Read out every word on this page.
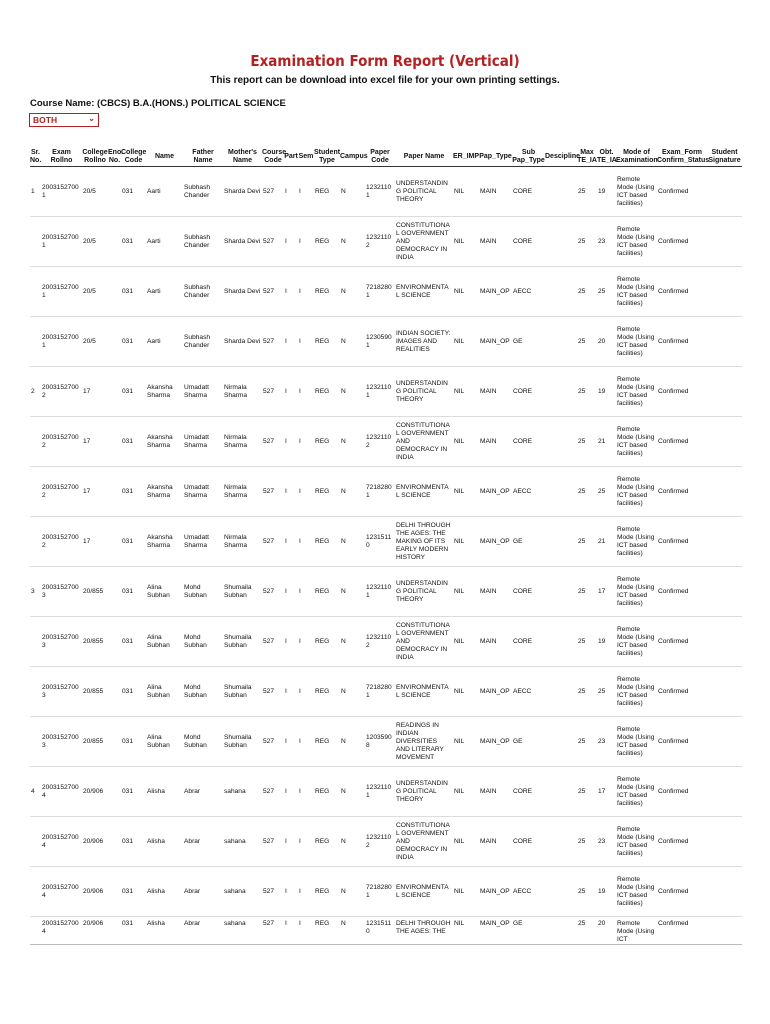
Examination Form Report (Vertical)
This report can be download into excel file for your own printing settings.
Course Name: (CBCS) B.A.(HONS.) POLITICAL SCIENCE
BOTH	⌄
Sr. No.	Exam Rollno	College Rollno	Eno. No.	College Code	Name	Father Name	Mother's Name	Course Code	Part	Sem	Student Type	Campus	Paper Code	Paper Name	ER_IMP	Pap_Type	Sub Pap_Type	Descipline	Max TE_IA	Obt. TE_IA	Mode of Examination	Exam_Form Confirm_Status	Student Signature
1	20031527001	20/5		031	Aarti	Subhash Chander	Sharda Devi	527	I	I	REG	N	12321101	UNDERSTANDING POLITICAL THEORY	NIL	MAIN	CORE		25	19	Remote Mode (Using ICT based facilities)	Confirmed	
	20031527001	20/5		031	Aarti	Subhash Chander	Sharda Devi	527	I	I	REG	N	12321102	CONSTITUTIONAL GOVERNMENT AND DEMOCRACY IN INDIA	NIL	MAIN	CORE		25	23	Remote Mode (Using ICT based facilities)	Confirmed	
	20031527001	20/5		031	Aarti	Subhash Chander	Sharda Devi	527	I	I	REG	N	72182801	ENVIRONMENTAL SCIENCE	NIL	MAIN_OP	AECC		25	25	Remote Mode (Using ICT based facilities)	Confirmed	
	20031527001	20/5		031	Aarti	Subhash Chander	Sharda Devi	527	I	I	REG	N	12305901	INDIAN SOCIETY: IMAGES AND REALITIES	NIL	MAIN_OP	GE		25	20	Remote Mode (Using ICT based facilities)	Confirmed	
2	20031527002	17		031	Akansha Sharma	Umadatt Sharma	Nirmala Sharma	527	I	I	REG	N	12321101	UNDERSTANDING POLITICAL THEORY	NIL	MAIN	CORE		25	19	Remote Mode (Using ICT based facilities)	Confirmed	
	20031527002	17		031	Akansha Sharma	Umadatt Sharma	Nirmala Sharma	527	I	I	REG	N	12321102	CONSTITUTIONAL GOVERNMENT AND DEMOCRACY IN INDIA	NIL	MAIN	CORE		25	21	Remote Mode (Using ICT based facilities)	Confirmed	
	20031527002	17		031	Akansha Sharma	Umadatt Sharma	Nirmala Sharma	527	I	I	REG	N	72182801	ENVIRONMENTAL SCIENCE	NIL	MAIN_OP	AECC		25	25	Remote Mode (Using ICT based facilities)	Confirmed	
	20031527002	17		031	Akansha Sharma	Umadatt Sharma	Nirmala Sharma	527	I	I	REG	N	12315110	DELHI THROUGH THE AGES: THE MAKING OF ITS EARLY MODERN HISTORY	NIL	MAIN_OP	GE		25	21	Remote Mode (Using ICT based facilities)	Confirmed	
3	20031527003	20/855		031	Alina Subhan	Mohd Subhan	Shumaila Subhan	527	I	I	REG	N	12321101	UNDERSTANDING POLITICAL THEORY	NIL	MAIN	CORE		25	17	Remote Mode (Using ICT based facilities)	Confirmed	
	20031527003	20/855		031	Alina Subhan	Mohd Subhan	Shumaila Subhan	527	I	I	REG	N	12321102	CONSTITUTIONAL GOVERNMENT AND DEMOCRACY IN INDIA	NIL	MAIN	CORE		25	19	Remote Mode (Using ICT based facilities)	Confirmed	
	20031527003	20/855		031	Alina Subhan	Mohd Subhan	Shumaila Subhan	527	I	I	REG	N	72182801	ENVIRONMENTAL SCIENCE	NIL	MAIN_OP	AECC		25	25	Remote Mode (Using ICT based facilities)	Confirmed	
	20031527003	20/855		031	Alina Subhan	Mohd Subhan	Shumaila Subhan	527	I	I	REG	N	12035908	READINGS IN INDIAN DIVERSITIES AND LITERARY MOVEMENT	NIL	MAIN_OP	GE		25	23	Remote Mode (Using ICT based facilities)	Confirmed	
4	20031527004	20/906		031	Alisha	Abrar	sahana	527	I	I	REG	N	12321101	UNDERSTANDING POLITICAL THEORY	NIL	MAIN	CORE		25	17	Remote Mode (Using ICT based facilities)	Confirmed	
	20031527004	20/906		031	Alisha	Abrar	sahana	527	I	I	REG	N	12321102	CONSTITUTIONAL GOVERNMENT AND DEMOCRACY IN INDIA	NIL	MAIN	CORE		25	23	Remote Mode (Using ICT based facilities)	Confirmed	
	20031527004	20/906		031	Alisha	Abrar	sahana	527	I	I	REG	N	72182801	ENVIRONMENTAL SCIENCE	NIL	MAIN_OP	AECC		25	19	Remote Mode (Using ICT based facilities)	Confirmed	
	20031527004	20/906		031	Alisha	Abrar	sahana	527	I	I	REG	N	12315110	DELHI THROUGH THE AGES: THE	NIL	MAIN_OP	GE		25	20	Remote Mode (Using ICT	Confirmed	
